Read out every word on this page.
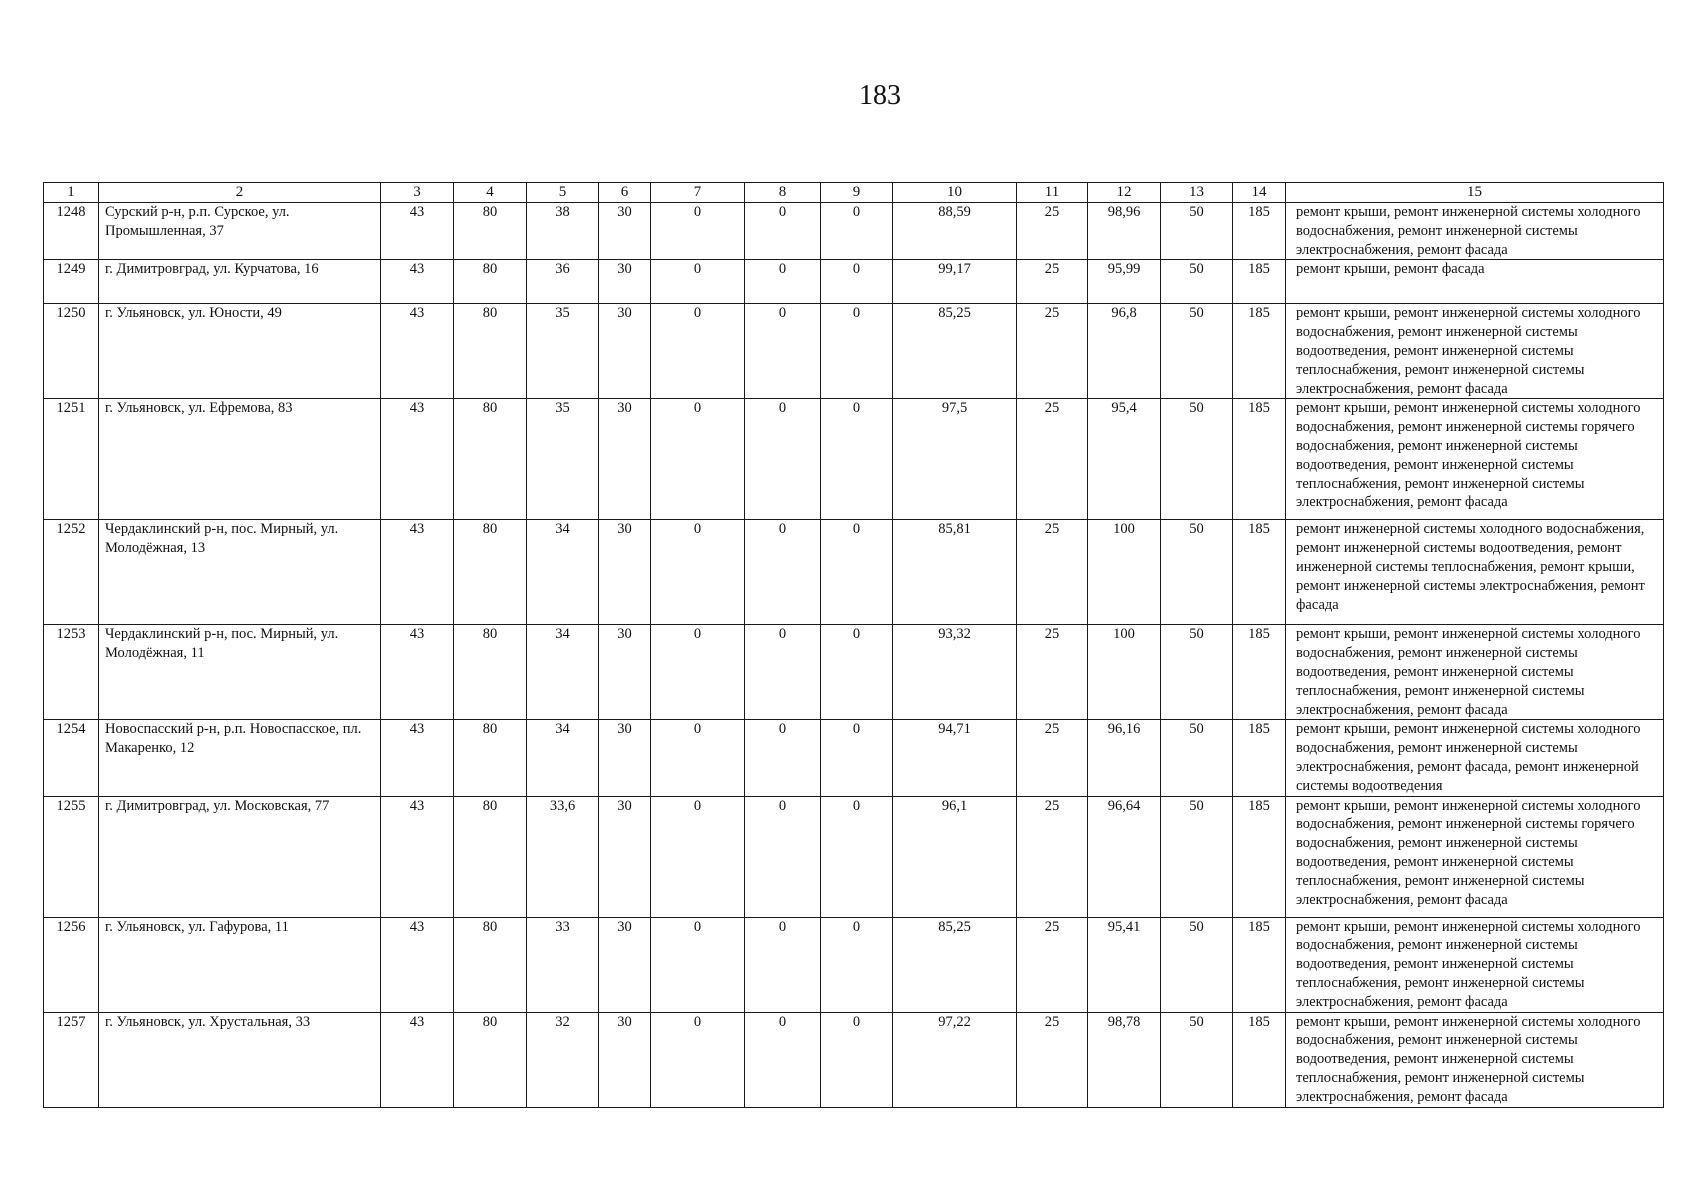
183
1	2	3	4	5	6	7	8	9	10	11	12	13	14	15
1248	Сурский р-н, р.п. Сурское, ул. Промышленная, 37	43	80	38	30	0	0	0	88,59	25	98,96	50	185	ремонт крыши, ремонт инженерной системы холодного водоснабжения, ремонт инженерной системы электроснабжения, ремонт фасада
1249	г. Димитровград, ул. Курчатова, 16	43	80	36	30	0	0	0	99,17	25	95,99	50	185	ремонт крыши, ремонт фасада
1250	г. Ульяновск, ул. Юности, 49	43	80	35	30	0	0	0	85,25	25	96,8	50	185	ремонт крыши, ремонт инженерной системы холодного водоснабжения, ремонт инженерной системы водоотведения, ремонт инженерной системы теплоснабжения, ремонт инженерной системы электроснабжения, ремонт фасада
1251	г. Ульяновск, ул. Ефремова, 83	43	80	35	30	0	0	0	97,5	25	95,4	50	185	ремонт крыши, ремонт инженерной системы холодного водоснабжения, ремонт инженерной системы горячего водоснабжения, ремонт инженерной системы водоотведения, ремонт инженерной системы теплоснабжения, ремонт инженерной системы электроснабжения, ремонт фасада
1252	Чердаклинский р-н, пос. Мирный, ул. Молодёжная, 13	43	80	34	30	0	0	0	85,81	25	100	50	185	ремонт инженерной системы холодного водоснабжения, ремонт инженерной системы водоотведения, ремонт инженерной системы теплоснабжения, ремонт крыши, ремонт инженерной системы электроснабжения, ремонт фасада
1253	Чердаклинский р-н, пос. Мирный, ул. Молодёжная, 11	43	80	34	30	0	0	0	93,32	25	100	50	185	ремонт крыши, ремонт инженерной системы холодного водоснабжения, ремонт инженерной системы водоотведения, ремонт инженерной системы теплоснабжения, ремонт инженерной системы электроснабжения, ремонт фасада
1254	Новоспасский р-н, р.п. Новоспасское, пл. Макаренко, 12	43	80	34	30	0	0	0	94,71	25	96,16	50	185	ремонт крыши, ремонт инженерной системы холодного водоснабжения, ремонт инженерной системы электроснабжения, ремонт фасада, ремонт инженерной системы водоотведения
1255	г. Димитровград, ул. Московская, 77	43	80	33,6	30	0	0	0	96,1	25	96,64	50	185	ремонт крыши, ремонт инженерной системы холодного водоснабжения, ремонт инженерной системы горячего водоснабжения, ремонт инженерной системы водоотведения, ремонт инженерной системы теплоснабжения, ремонт инженерной системы электроснабжения, ремонт фасада
1256	г. Ульяновск, ул. Гафурова, 11	43	80	33	30	0	0	0	85,25	25	95,41	50	185	ремонт крыши, ремонт инженерной системы холодного водоснабжения, ремонт инженерной системы водоотведения, ремонт инженерной системы теплоснабжения, ремонт инженерной системы электроснабжения, ремонт фасада
1257	г. Ульяновск, ул. Хрустальная, 33	43	80	32	30	0	0	0	97,22	25	98,78	50	185	ремонт крыши, ремонт инженерной системы холодного водоснабжения, ремонт инженерной системы водоотведения, ремонт инженерной системы теплоснабжения, ремонт инженерной системы электроснабжения, ремонт фасада
